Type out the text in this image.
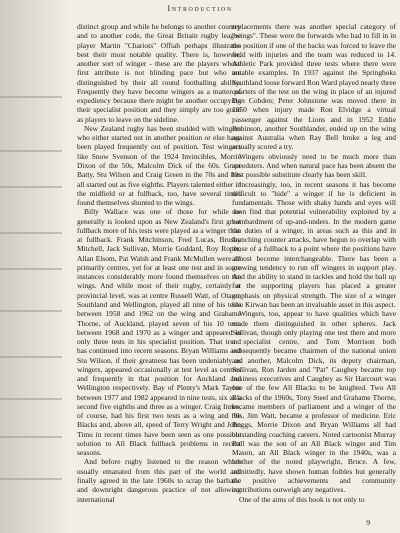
Introduction

distinct group and while he belongs to another country and to another code, the Great Britain rugby league player Martin "Chariots" Offiah perhaps illustrates best their most notable quality. There is, however, another sort of winger - these are the players whose first attribute is not blinding pace but who are distinguished by their all round footballing ability. Frequently they have become wingers as a matter of expediency because there might be another occupying their specialist position and they simply are too good as players to leave on the sideline.

New Zealand rugby has been studded with wingers who either started out in another position or else have been played frequently out of position. Test wingers like Snow Svenson of the 1924 Invincibles, Morrie Dixon of the 50s, Malcolm Dick of the 60s. Grant Batty, Stu Wilson and Craig Green in the 70s and 80s all started out as five eighths. Players talented either in the midfield or at fullback, too, have several times found themselves shunted to the wings.

Billy Wallace was one of those for while he generally is looked upon as New Zealand's first great fullback more of his tests were played as a winger than at fullback. Frank Mitchinson, Fred Lucas, Brushy Mitchell, Jack Sullivan, Morrie Goddard, Roy Roper, Allan Elsom, Pat Walsh and Frank McMullen were all primarily centres, yet for at least one test and in some instances considerably more found themselves on the wings. And while most of their rugby, certainly at provincial level, was at centre Russell Watt, of Otago, Southland and Wellington, played all nine of his tests between 1958 and 1962 on the wing and Grahame Thorne, of Auckland, played seven of his 10 tests between 1968 and 1970 as a winger and appeared in only three tests in his specialist position. That trend has continued into recent seasons. Bryan Williams and Stu Wilson, if their greatness has been undeniably as wingers, appeared occasionally at test level as centres and frequently in that position for Auckland and Wellington respectively. Bay of Plenty's Mark Taylor between 1977 and 1982 appeared in nine tests, six as a second five eighths and three as a winger. Craig Innes, of course, had his first two tests as a wing and the Blacks and, above all, speed of Terry Wright and John Timu in recent times have been seen as one possible solution to All Black fullback problems in recent seasons.

And before rugby listened to the reason which usually emanated from this part of the world and finally agreed in the late 1960s to scrap the barbaric and downright dangerous practice of not allowing international

replacements there was another special category of "wings". These were the forwards who had to fill in in the position if one of the backs was forced to leave the field with injuries and the team was reduced to 14. Athletic Park provided three tests where there were notable examples. In 1937 against the Springboks Southland loose forward Ron Ward played nearly three quarters of the test on the wing in place of an injured Don Cobden; Peter Johnstone was moved there in 1950 when injury made Ron Elvidge a virtual passenger against the Lions and in 1952 Eddie Robinson, another Southlander, ended up on the wing against Australia when Ray Bell broke a leg and actually scored a try.

Wingers obviously need to be much more than speedsters. And when natural pace has been absent the best possible substitute clearly has been skill.

Increasingly, too, in recent seasons it has become difficult to "hide" a winger if he is deficient in fundamentals. Those with shaky hands and eyes will soon find that potential vulnerability exploited by a bombardment of up-and-unders. In the modern game the duties of a winger, in areas such as this and in launching counter attacks, have begun to overlap with those of a fullback to a point where the positions have almost become interchangeable. There has been a growing tendency to run off wingers in support play. And the ability to stand in tackles and hold the ball up for the supporting players has placed a greater emphasis on physical strength. The size of a winger like Kirwan has been an invaluable asset in this aspect.

Wingers, too, appear to have qualities which have made them distinguished in other spheres. Jack Sullivan, though only playing one test there and more a specialist centre, and Tom Morrison both subsequently became chairmen of the national union and another, Malcolm Dick, its deputy chairman, Sullivan, Ron Jarden and "Pat" Caughey became top business executives and Caughey as Sir Harcourt was one of the few All Blacks to be knighted. Two All Blacks of the 1960s, Tony Steel and Grahame Thorne, became members of parliament and a winger of the 30s, Jim Watt, became a professor of medicine. Eric Boggs, Morrie Dixon and Bryan Williams all had outstanding coaching careers. Noted cartoonist Murray Ball was the son of an All Black winger and Tim Mason, an All Black winger in the 1940s, was a brother of the noted playwright, Bruce. A few, admittedly, have shown human foibles but generally the positive achievements and community contributions outweigh any negatives.

One of the aims of this book is not only to

9
